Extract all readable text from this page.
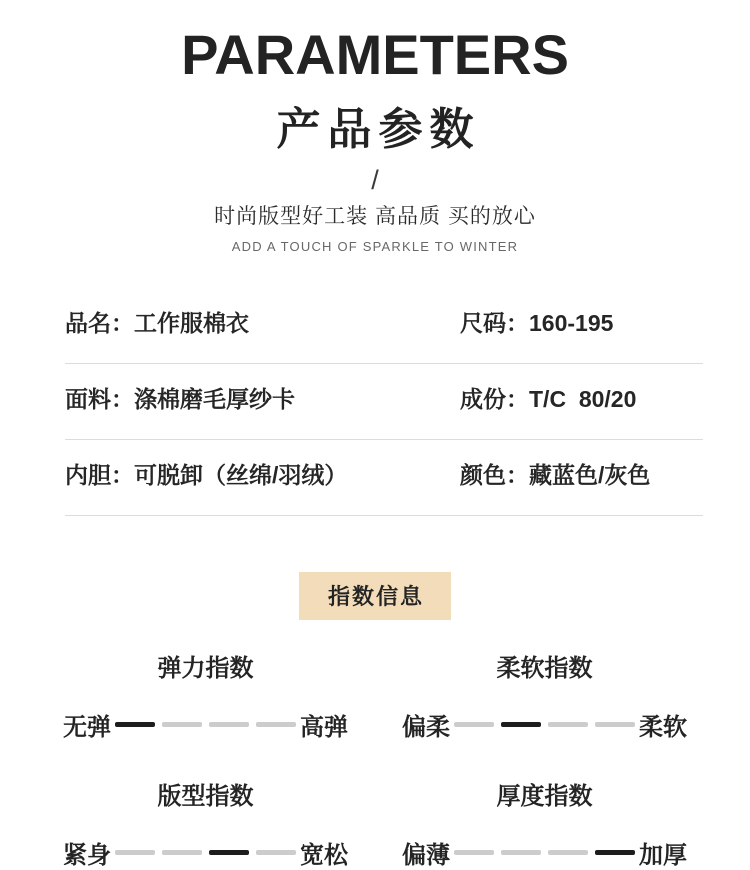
PARAMETERS
产品参数
/
时尚版型好工装 高品质 买的放心
ADD A TOUCH OF SPARKLE TO WINTER
品名：工作服棉衣	尺码：160-195
面料：涤棉磨毛厚纱卡	成份：T/C  80/20
内胆：可脱卸（丝绵/羽绒）	颜色：藏蓝色/灰色
指数信息
弹力指数
无弹	高弹
柔软指数
偏柔	柔软
版型指数
紧身	宽松
厚度指数
偏薄	加厚
